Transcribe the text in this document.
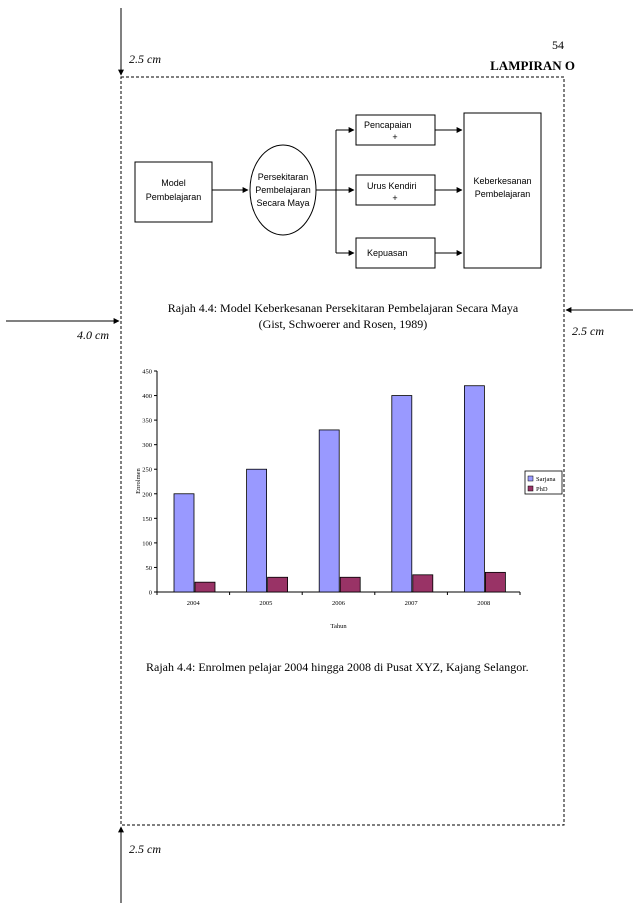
54
LAMPIRAN O
2.5 cm
4.0 cm	2.5 cm
2.5 cm
Model
Pembelajaran
Persekitaran
Pembelajaran
Secara Maya
Pencapaian
+
Urus Kendiri
+
Kepuasan
Keberkesanan
Pembelajaran
Rajah 4.4: Model Keberkesanan Persekitaran Pembelajaran Secara Maya
(Gist, Schwoerer and Rosen, 1989)
0
50
100
150
200
250
300
350
400
450
2004	2005	2006	2007	2008
Tahun
Enrolmen	Sarjana
PhD
Rajah 4.4: Enrolmen pelajar 2004 hingga 2008 di Pusat XYZ, Kajang Selangor.
